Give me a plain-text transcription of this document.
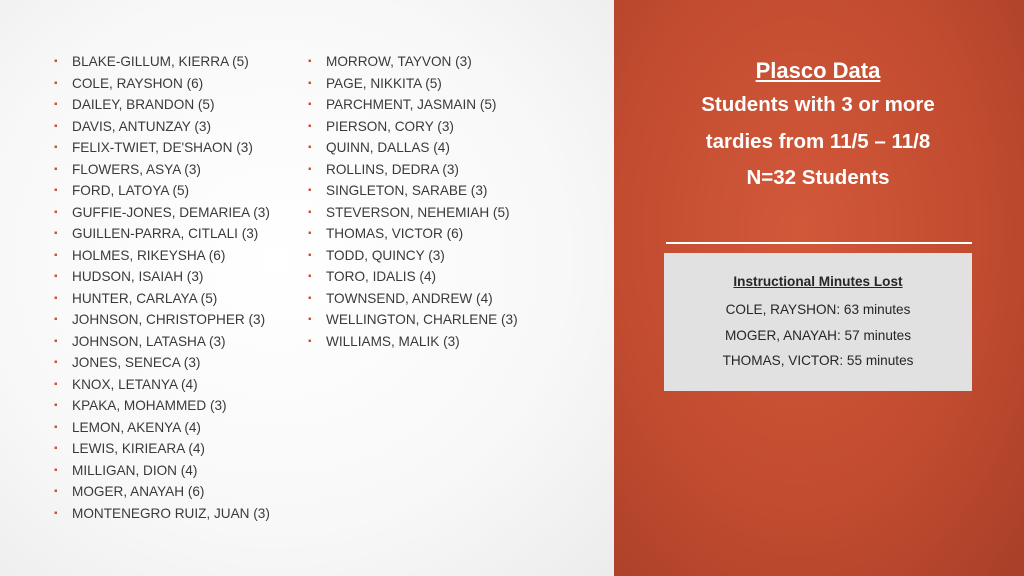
▪ BLAKE-GILLUM, KIERRA (5)
▪ COLE, RAYSHON (6)
▪ DAILEY, BRANDON (5)
▪ DAVIS, ANTUNZAY (3)
▪ FELIX-TWIET, DE'SHAON (3)
▪ FLOWERS, ASYA (3)
▪ FORD, LATOYA (5)
▪ GUFFIE-JONES, DEMARIEA (3)
▪ GUILLEN-PARRA, CITLALI (3)
▪ HOLMES, RIKEYSHA (6)
▪ HUDSON, ISAIAH (3)
▪ HUNTER, CARLAYA (5)
▪ JOHNSON, CHRISTOPHER (3)
▪ JOHNSON, LATASHA (3)
▪ JONES, SENECA (3)
▪ KNOX, LETANYA (4)
▪ KPAKA, MOHAMMED (3)
▪ LEMON, AKENYA (4)
▪ LEWIS, KIRIEARA (4)
▪ MILLIGAN, DION (4)
▪ MOGER, ANAYAH (6)
▪ MONTENEGRO RUIZ, JUAN (3)
▪ MORROW, TAYVON (3)
▪ PAGE, NIKKITA (5)
▪ PARCHMENT, JASMAIN (5)
▪ PIERSON, CORY (3)
▪ QUINN, DALLAS (4)
▪ ROLLINS, DEDRA (3)
▪ SINGLETON, SARABE (3)
▪ STEVERSON, NEHEMIAH (5)
▪ THOMAS, VICTOR (6)
▪ TODD, QUINCY (3)
▪ TORO, IDALIS (4)
▪ TOWNSEND, ANDREW (4)
▪ WELLINGTON, CHARLENE (3)
▪ WILLIAMS, MALIK (3)
Plasco Data
Students with 3 or more
tardies from 11/5 – 11/8
N=32 Students
Instructional Minutes Lost
COLE, RAYSHON: 63 minutes
MOGER, ANAYAH: 57 minutes
THOMAS, VICTOR: 55 minutes
